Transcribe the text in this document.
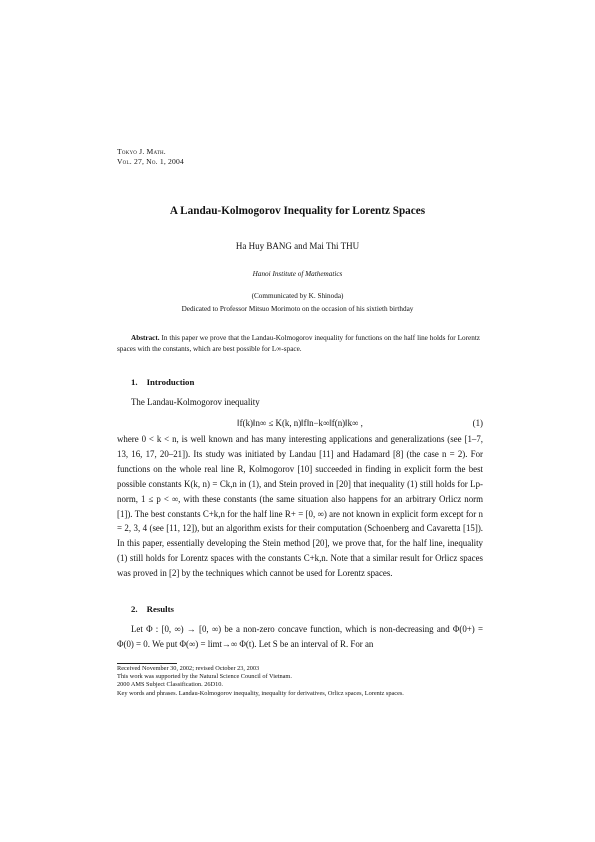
Tokyo J. Math.
Vol. 27, No. 1, 2004
A Landau-Kolmogorov Inequality for Lorentz Spaces
Ha Huy BANG and Mai Thi THU
Hanoi Institute of Mathematics
(Communicated by K. Shinoda)
Dedicated to Professor Mitsuo Morimoto on the occasion of his sixtieth birthday
Abstract. In this paper we prove that the Landau-Kolmogorov inequality for functions on the half line holds for Lorentz spaces with the constants, which are best possible for L∞-space.
1. Introduction
The Landau-Kolmogorov inequality
‖f(k)‖n∞ ≤ K(k, n)‖f‖n−k∞‖f(n)‖k∞ ,	(1)
where 0 < k < n, is well known and has many interesting applications and generalizations (see [1–7, 13, 16, 17, 20–21]). Its study was initiated by Landau [11] and Hadamard [8] (the case n = 2). For functions on the whole real line R, Kolmogorov [10] succeeded in finding in explicit form the best possible constants K(k, n) = Ck,n in (1), and Stein proved in [20] that inequality (1) still holds for Lp-norm, 1 ≤ p < ∞, with these constants (the same situation also happens for an arbitrary Orlicz norm [1]). The best constants C+k,n for the half line R+ = [0, ∞) are not known in explicit form except for n = 2, 3, 4 (see [11, 12]), but an algorithm exists for their computation (Schoenberg and Cavaretta [15]). In this paper, essentially developing the Stein method [20], we prove that, for the half line, inequality (1) still holds for Lorentz spaces with the constants C+k,n. Note that a similar result for Orlicz spaces was proved in [2] by the techniques which cannot be used for Lorentz spaces.
2. Results
Let Φ : [0, ∞) → [0, ∞) be a non-zero concave function, which is non-decreasing and Φ(0+) = Φ(0) = 0. We put Φ(∞) = limt→∞ Φ(t). Let S be an interval of R. For an
Received November 30, 2002; revised October 23, 2003
This work was supported by the Natural Science Council of Vietnam.
2000 AMS Subject Classification. 26D10.
Key words and phrases. Landau-Kolmogorov inequality, inequality for derivatives, Orlicz spaces, Lorentz spaces.
